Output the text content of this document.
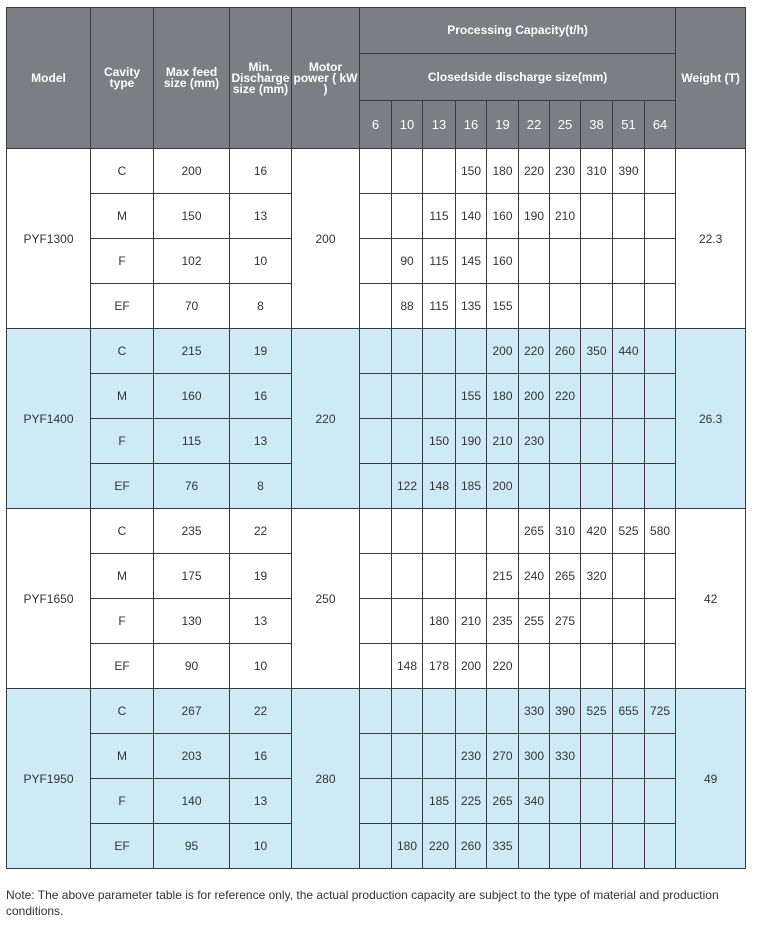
Model	Cavity type	Max feed size (mm)	Min. Discharge size (mm)	Motor power ( kW )	Processing Capacity(t/h)										Weight (T)
					Closedside discharge size(mm)										
					6	10	13	16	19	22	25	38	51	64	
PYF1300	C	200	16	200				150	180	220	230	310	390		22.3
	M	150	13				115	140	160	190	210				
	F	102	10			90	115	145	160						
	EF	70	8			88	115	135	155						
PYF1400	C	215	19	220					200	220	260	350	440		26.3
	M	160	16					155	180	200	220				
	F	115	13				150	190	210	230					
	EF	76	8			122	148	185	200						
PYF1650	C	235	22	250						265	310	420	525	580	42
	M	175	19						215	240	265	320			
	F	130	13				180	210	235	255	275				
	EF	90	10			148	178	200	220						
PYF1950	C	267	22	280						330	390	525	655	725	49
	M	203	16					230	270	300	330				
	F	140	13				185	225	265	340					
	EF	95	10			180	220	260	335						

Note: The above parameter table is for reference only, the actual production capacity are subject to the type of material and production conditions.
